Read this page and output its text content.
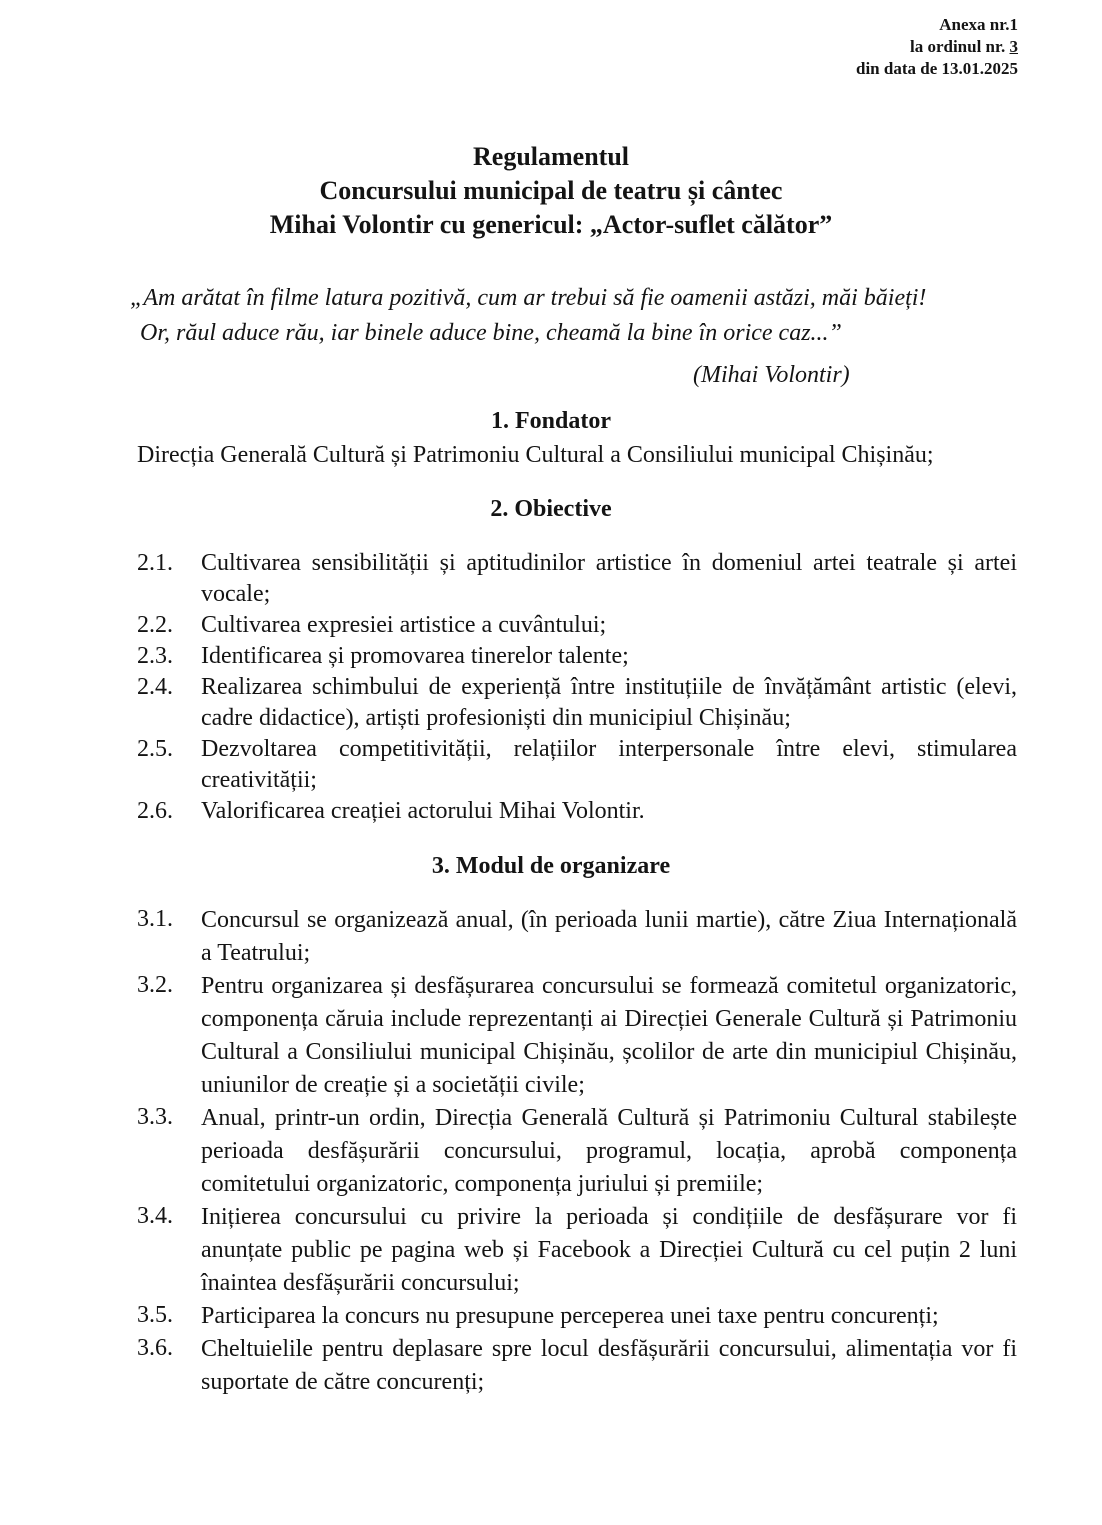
Anexa nr.1
la ordinul nr. 3
din data de 13.01.2025
Regulamentul
Concursului municipal de teatru și cântec
Mihai Volontir cu genericul: „Actor-suflet călător”
„Am arătat în filme latura pozitivă, cum ar trebui să fie oamenii astăzi, măi băieți!
Or, răul aduce rău, iar binele aduce bine, cheamă la bine în orice caz...”
(Mihai Volontir)
1. Fondator
Direcția Generală Cultură și Patrimoniu Cultural a Consiliului municipal Chișinău;
2. Obiective
2.1.	Cultivarea sensibilității și aptitudinilor artistice în domeniul artei teatrale și artei vocale;
2.2.	Cultivarea expresiei artistice a cuvântului;
2.3.	Identificarea și promovarea tinerelor talente;
2.4.	Realizarea schimbului de experiență între instituțiile de învățământ artistic (elevi, cadre didactice), artiști profesioniști din municipiul Chișinău;
2.5.	Dezvoltarea competitivității, relațiilor interpersonale între elevi, stimularea creativității;
2.6.	Valorificarea creației actorului Mihai Volontir.
3. Modul de organizare
3.1.	Concursul se organizează anual, (în perioada lunii martie), către Ziua Internațională a Teatrului;
3.2.	Pentru organizarea și desfășurarea concursului se formează comitetul organizatoric, componența căruia include reprezentanți ai Direcției Generale Cultură și Patrimoniu Cultural a Consiliului municipal Chișinău, școlilor de arte din municipiul Chișinău, uniunilor de creație și a societății civile;
3.3.	Anual, printr-un ordin, Direcția Generală Cultură și Patrimoniu Cultural stabilește perioada desfășurării concursului, programul, locația, aprobă componența comitetului organizatoric, componența juriului și premiile;
3.4.	Inițierea concursului cu privire la perioada și condițiile de desfășurare vor fi anunțate public pe pagina web și Facebook a Direcției Cultură cu cel puțin 2 luni înaintea desfășurării concursului;
3.5.	Participarea la concurs nu presupune perceperea unei taxe pentru concurenți;
3.6.	Cheltuielile pentru deplasare spre locul desfășurării concursului, alimentația vor fi suportate de către concurenți;
